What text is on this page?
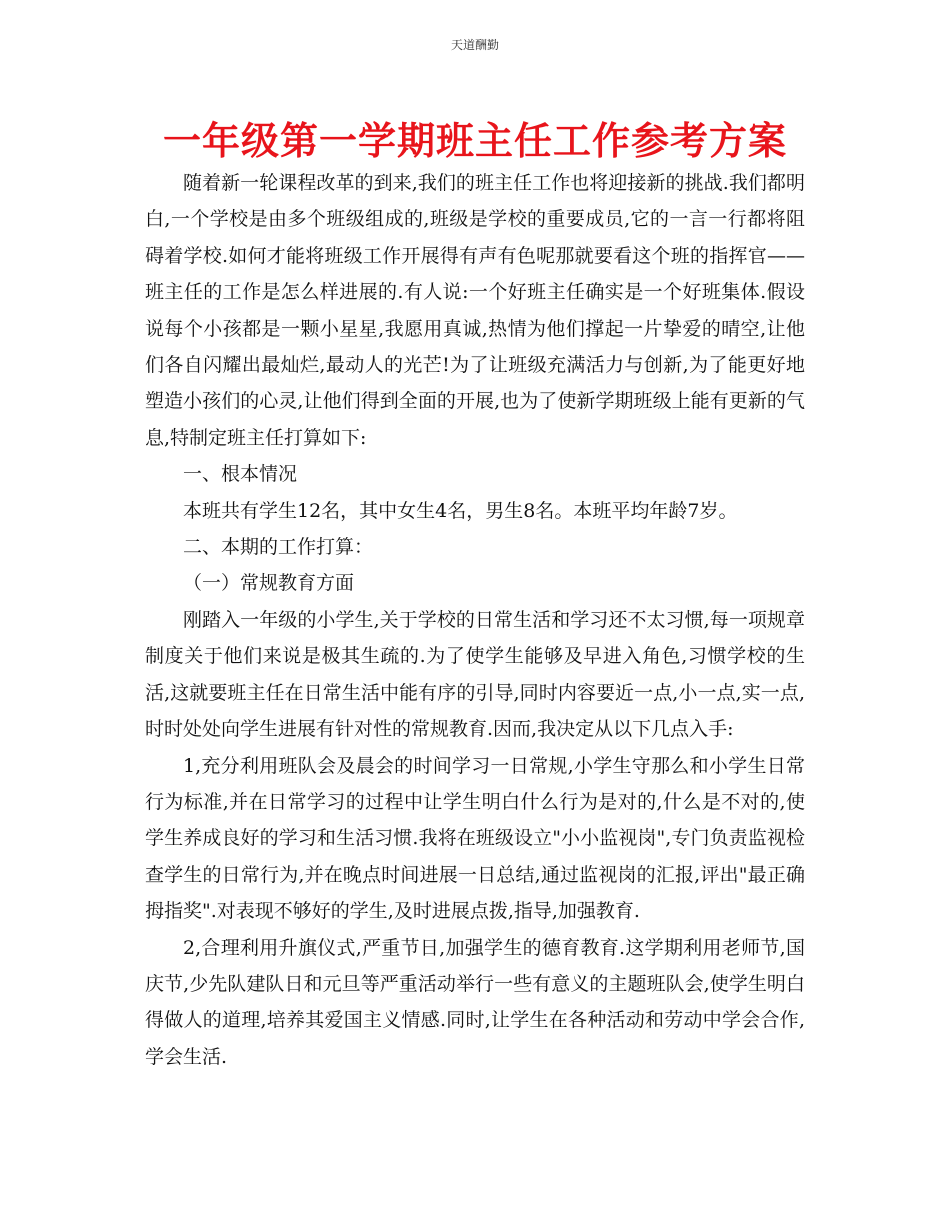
天道酬勤
一年级第一学期班主任工作参考方案

随着新一轮课程改革的到来,我们的班主任工作也将迎接新的挑战.我们都明白,一个学校是由多个班级组成的,班级是学校的重要成员,它的一言一行都将阻碍着学校.如何才能将班级工作开展得有声有色呢那就要看这个班的指挥官——班主任的工作是怎么样进展的.有人说:一个好班主任确实是一个好班集体.假设说每个小孩都是一颗小星星,我愿用真诚,热情为他们撑起一片挚爱的晴空,让他们各自闪耀出最灿烂,最动人的光芒!为了让班级充满活力与创新,为了能更好地塑造小孩们的心灵,让他们得到全面的开展,也为了使新学期班级上能有更新的气息,特制定班主任打算如下:

一、根本情况

本班共有学生12名，其中女生4名，男生8名。本班平均年龄7岁。

二、本期的工作打算：

（一）常规教育方面

刚踏入一年级的小学生,关于学校的日常生活和学习还不太习惯,每一项规章制度关于他们来说是极其生疏的.为了使学生能够及早进入角色,习惯学校的生活,这就要班主任在日常生活中能有序的引导,同时内容要近一点,小一点,实一点,时时处处向学生进展有针对性的常规教育.因而,我决定从以下几点入手:

1,充分利用班队会及晨会的时间学习一日常规,小学生守那么和小学生日常行为标准,并在日常学习的过程中让学生明白什么行为是对的,什么是不对的,使学生养成良好的学习和生活习惯.我将在班级设立"小小监视岗",专门负责监视检查学生的日常行为,并在晚点时间进展一日总结,通过监视岗的汇报,评出"最正确拇指奖".对表现不够好的学生,及时进展点拨,指导,加强教育.

2,合理利用升旗仪式,严重节日,加强学生的德育教育.这学期利用老师节,国庆节,少先队建队日和元旦等严重活动举行一些有意义的主题班队会,使学生明白得做人的道理,培养其爱国主义情感.同时,让学生在各种活动和劳动中学会合作,学会生活.
